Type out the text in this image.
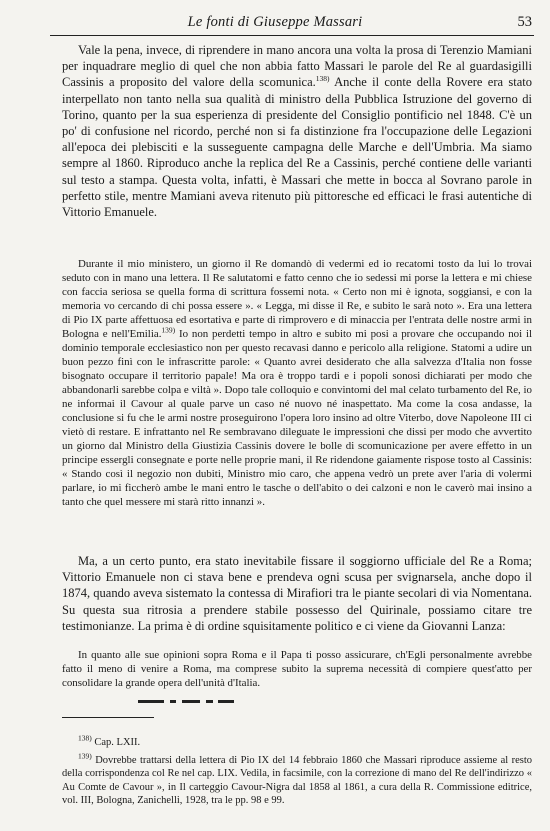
Le fonti di Giuseppe Massari	53

Vale la pena, invece, di riprendere in mano ancora una volta la prosa di Terenzio Mamiani per inquadrare meglio di quel che non abbia fatto Massari le parole del Re al guardasigilli Cassinis a proposito del valore della scomunica.$^{138)}$ Anche il conte della Rovere era stato interpellato non tanto nella sua qualità di ministro della Pubblica Istruzione del governo di Torino, quanto per la sua esperienza di presidente del Consiglio pontificio nel 1848. C'è un po' di confusione nel ricordo, perché non si fa distinzione fra l'occupazione delle Legazioni all'epoca dei plebisciti e la susseguente campagna delle Marche e dell'Umbria. Ma siamo sempre al 1860. Riproduco anche la replica del Re a Cassinis, perché contiene delle varianti sul testo a stampa. Questa volta, infatti, è Massari che mette in bocca al Sovrano parole in perfetto stile, mentre Mamiani aveva ritenuto più pittoresche ed efficaci le frasi autentiche di Vittorio Emanuele.

Durante il mio ministero, un giorno il Re domandò di vedermi ed io recatomi tosto da lui lo trovai seduto con in mano una lettera. Il Re salutatomi e fatto cenno che io sedessi mi porse la lettera e mi chiese con faccia seriosa se quella forma di scrittura fossemi nota. « Certo non mi è ignota, soggiansi, e con la memoria vo cercando di chi possa essere ». « Legga, mi disse il Re, e subito le sarà noto ». Era una lettera di Pio IX parte affettuosa ed esortativa e parte di rimprovero e di minaccia per l'entrata delle nostre armi in Bologna e nell'Emilia.$^{139)}$ Io non perdetti tempo in altro e subito mi posi a provare che occupando noi il dominio temporale ecclesiastico non per questo recavasi danno e pericolo alla religione. Statomi a udire un buon pezzo finì con le infrascritte parole: « Quanto avrei desiderato che alla salvezza d'Italia non fosse bisognato occupare il territorio papale! Ma ora è troppo tardi e i popoli sonosi dichiarati per modo che abbandonarli sarebbe colpa e viltà ». Dopo tale colloquio e convintomi del mal celato turbamento del Re, io ne informai il Cavour al quale parve un caso né nuovo né inaspettato. Ma come la cosa andasse, la conclusione si fu che le armi nostre proseguirono l'opera loro insino ad oltre Viterbo, dove Napoleone III ci vietò di restare. E infrattanto nel Re sembravano dileguate le impressioni che dissi per modo che avvertito un giorno dal Ministro della Giustizia Cassinis dovere le bolle di scomunicazione per avere effetto in un principe essergli consegnate e porte nelle proprie mani, il Re ridendone gaiamente rispose tosto al Cassinis: « Stando così il negozio non dubiti, Ministro mio caro, che appena vedrò un prete aver l'aria di volermi parlare, io mi ficcherò ambe le mani entro le tasche o dell'abito o dei calzoni e non le caverò mai insino a tanto che quel messere mi starà ritto innanzi ».

Ma, a un certo punto, era stato inevitabile fissare il soggiorno ufficiale del Re a Roma; Vittorio Emanuele non ci stava bene e prendeva ogni scusa per svignarsela, anche dopo il 1874, quando aveva sistemato la contessa di Mirafiori tra le piante secolari di via Nomentana. Su questa sua ritrosia a prendere stabile possesso del Quirinale, possiamo citare tre testimonianze. La prima è di ordine squisitamente politico e ci viene da Giovanni Lanza:

In quanto alle sue opinioni sopra Roma e il Papa ti posso assicurare, ch'Egli personalmente avrebbe fatto il meno di venire a Roma, ma comprese subito la suprema necessità di compiere quest'atto per consolidare la grande opera dell'unità d'Italia.

$^{138)}$ Cap. LXII.

$^{139)}$ Dovrebbe trattarsi della lettera di Pio IX del 14 febbraio 1860 che Massari riproduce assieme al resto della corrispondenza col Re nel cap. LIX. Vedila, in facsimile, con la correzione di mano del Re dell'indirizzo « Au Comte de Cavour », in Il carteggio Cavour-Nigra dal 1858 al 1861, a cura della R. Commissione editrice, vol. III, Bologna, Zanichelli, 1928, tra le pp. 98 e 99.
